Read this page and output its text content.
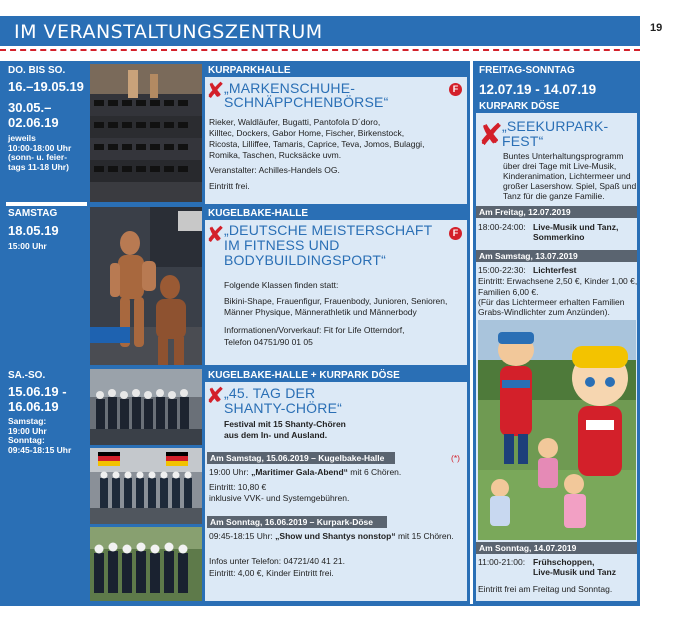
IM VERANSTALTUNGSZENTRUM	19
DO. BIS SO.
16.–19.05.19
30.05.–
02.06.19
jeweils
10:00-18:00 Uhr
(sonn- u. feier-
tags 11-18 Uhr)
KURPARKHALLE
✘	F
„MARKENSCHUHE-
SCHNÄPPCHENBÖRSE“
Rieker, Waldläufer, Bugatti, Pantofola D´doro,
Killtec, Dockers, Gabor Home, Fischer, Birkenstock,
Ricosta, Lilliffee, Tamaris, Caprice, Teva, Jomos, Bulaggi,
Romika, Taschen, Rucksäcke uvm.
Veranstalter: Achilles-Handels OG.
Eintritt frei.
SAMSTAG
18.05.19
15:00 Uhr
KUGELBAKE-HALLE
✘	F
„DEUTSCHE MEISTERSCHAFT
IM FITNESS UND
BODYBUILDINGSPORT“
Folgende Klassen finden statt:
Bikini-Shape, Frauenfigur, Frauenbody, Junioren, Senioren,
Männer Physique, Männerathletik und Männerbody
Informationen/Vorverkauf: Fit for Life Otterndorf,
Telefon 04751/90 01 05
SA.-SO.
15.06.19 -
16.06.19
Samstag:
19:00 Uhr
Sonntag:
09:45-18:15 Uhr
KUGELBAKE-HALLE + KURPARK DÖSE
✘ „45. TAG DER
SHANTY-CHÖRE“
Festival mit 15 Shanty-Chören
aus dem In- und Ausland.
Am Samstag, 15.06.2019 – Kugelbake-Halle	(*)
19:00 Uhr: „Maritimer Gala-Abend“ mit 6 Chören.
Eintritt: 10,80 €
inklusive VVK- und Systemgebühren.
Am Sonntag, 16.06.2019 – Kurpark-Döse
09:45-18:15 Uhr: „Show und Shantys nonstop“ mit 15 Chören.
Infos unter Telefon: 04721/40 41 21.
Eintritt: 4,00 €, Kinder Eintritt frei.
FREITAG-SONNTAG
12.07.19 - 14.07.19
KURPARK DÖSE
✘
„SEEKURPARK-
FEST“
Buntes Unterhaltungsprogramm
über drei Tage mit Live-Musik,
Kinderanimation, Lichtermeer und
großer Lasershow. Spiel, Spaß und
Tanz für die ganze Familie.
Am Freitag, 12.07.2019
18:00-24:00: Live-Musik und Tanz,
Sommerkino
Am Samstag, 13.07.2019
15:00-22:30: Lichterfest
Eintritt: Erwachsene 2,50 €, Kinder 1,00 €,
Familien 6,00 €.
(Für das Lichtermeer erhalten Familien
Grabs-Windlichter zum Anzünden).
Am Sonntag, 14.07.2019
11:00-21:00: Frühschoppen,
Live-Musik und Tanz
Eintritt frei am Freitag und Sonntag.
